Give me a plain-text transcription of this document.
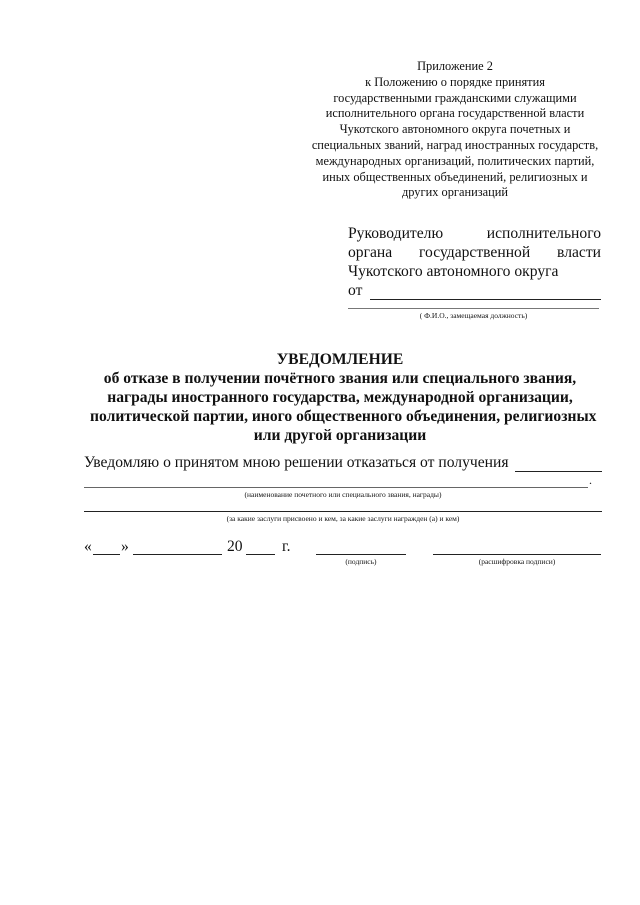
Приложение 2
к Положению о порядке принятия
государственными гражданскими служащими
исполнительного органа государственной власти
Чукотского автономного округа почетных и
специальных званий, наград иностранных государств,
международных организаций, политических партий,
иных общественных объединений, религиозных и
других организаций
Руководителю	исполнительного
органа государственной власти
Чукотского автономного округа
от
( Ф.И.О., замещаемая должность)
УВЕДОМЛЕНИЕ
об отказе в получении почётного звания или специального звания,
награды иностранного государства, международной организации,
политической партии, иного общественного объединения, религиозных
или другой организации
Уведомляю о принятом мною решении отказаться от получения
.
(наименование почетного или специального звания, награды)
(за какие заслуги присвоено и кем, за какие заслуги награжден (а) и кем)
« »	20	г.
(подпись)	(расшифровка подписи)
